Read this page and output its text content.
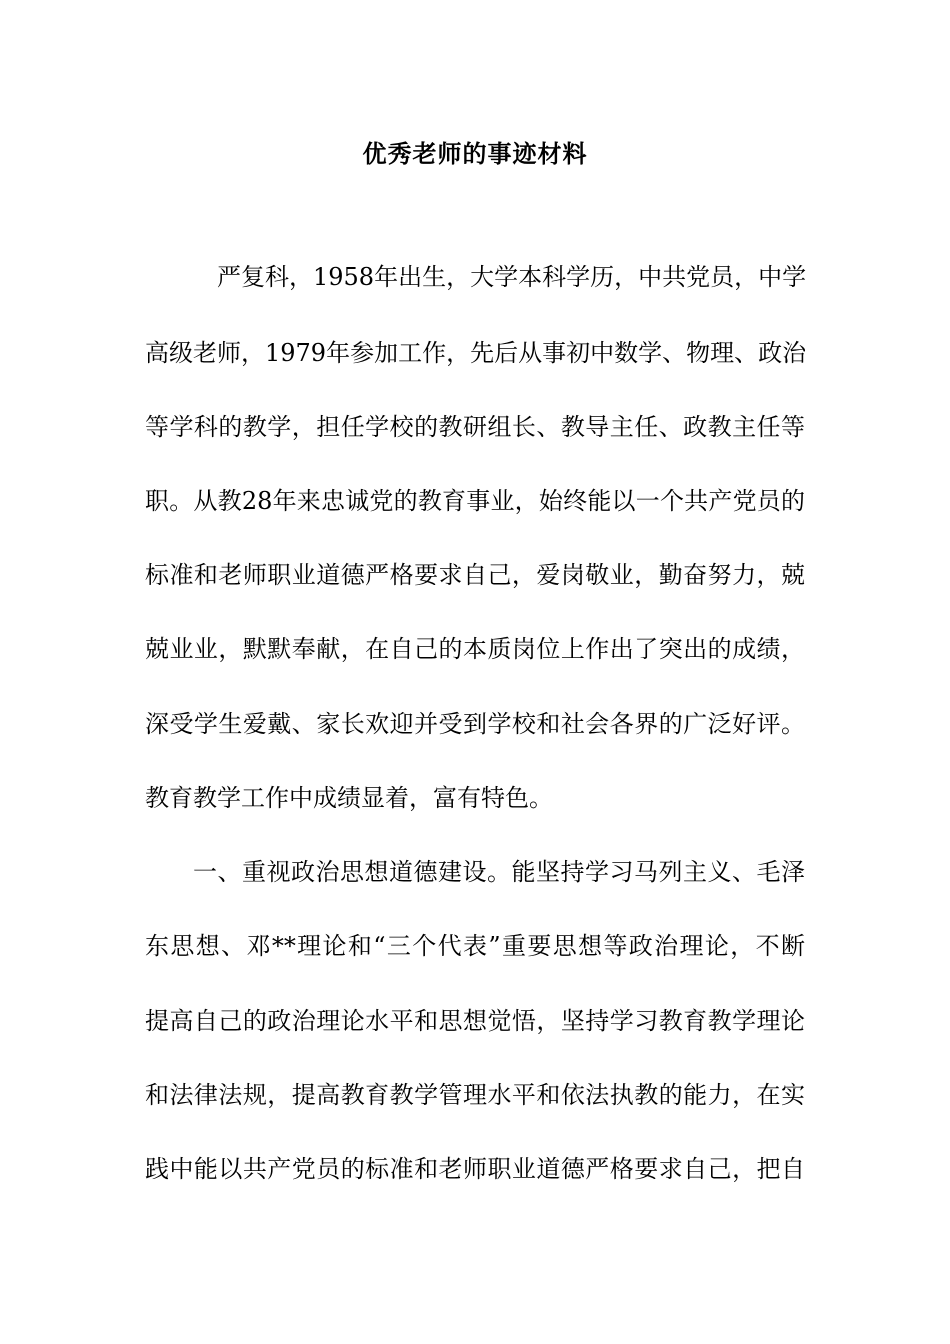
优秀老师的事迹材料
严复科，1958年出生，大学本科学历，中共党员，中学
高级老师，1979年参加工作，先后从事初中数学、物理、政治
等学科的教学，担任学校的教研组长、教导主任、政教主任等
职。从教28年来忠诚党的教育事业，始终能以一个共产党员的
标准和老师职业道德严格要求自己，爱岗敬业，勤奋努力，兢
兢业业，默默奉献，在自己的本质岗位上作出了突出的成绩，
深受学生爱戴、家长欢迎并受到学校和社会各界的广泛好评。
教育教学工作中成绩显着，富有特色。
一、重视政治思想道德建设。能坚持学习马列主义、毛泽
东思想、邓**理论和“三个代表”重要思想等政治理论，不断
提高自己的政治理论水平和思想觉悟，坚持学习教育教学理论
和法律法规，提高教育教学管理水平和依法执教的能力，在实
践中能以共产党员的标准和老师职业道德严格要求自己，把自
